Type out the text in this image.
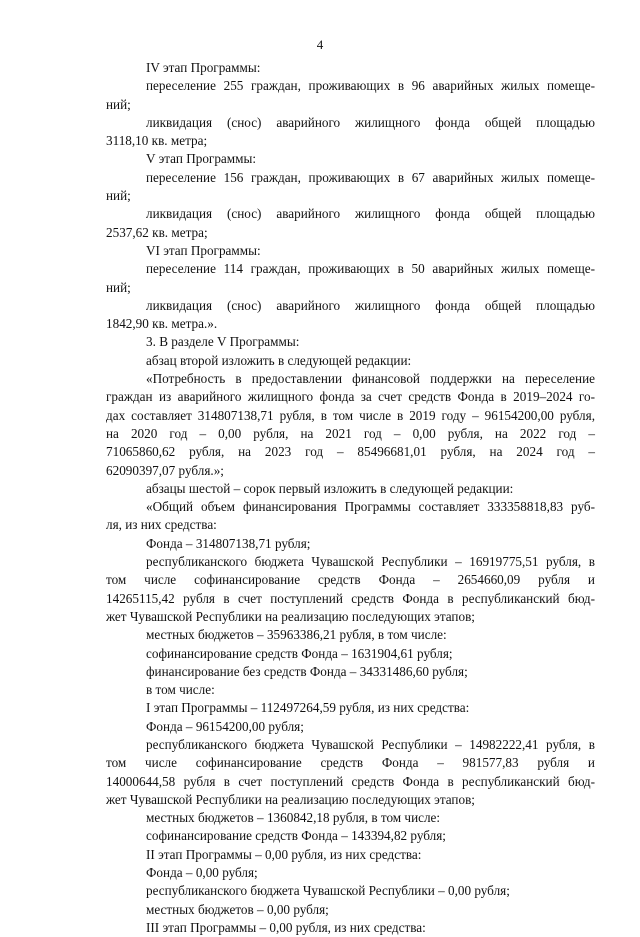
4
IV этап Программы:
переселение 255 граждан, проживающих в 96 аварийных жилых помеще-
ний;
ликвидация (снос) аварийного жилищного фонда общей площадью
3118,10 кв. метра;
V этап Программы:
переселение 156 граждан, проживающих в 67 аварийных жилых помеще-
ний;
ликвидация (снос) аварийного жилищного фонда общей площадью
2537,62 кв. метра;
VI этап Программы:
переселение 114 граждан, проживающих в 50 аварийных жилых помеще-
ний;
ликвидация (снос) аварийного жилищного фонда общей площадью
1842,90 кв. метра.».
3. В разделе V Программы:
абзац второй изложить в следующей редакции:
«Потребность в предоставлении финансовой поддержки на переселение
граждан из аварийного жилищного фонда за счет средств Фонда в 2019–2024 го-
дах составляет 314807138,71 рубля, в том числе в 2019 году – 96154200,00 рубля,
на 2020 год – 0,00 рубля, на 2021 год – 0,00 рубля, на 2022 год –
71065860,62 рубля, на 2023 год – 85496681,01 рубля, на 2024 год –
62090397,07 рубля.»;
абзацы шестой – сорок первый изложить в следующей редакции:
«Общий объем финансирования Программы составляет 333358818,83 руб-
ля, из них средства:
Фонда – 314807138,71 рубля;
республиканского бюджета Чувашской Республики – 16919775,51 рубля, в
том числе софинансирование средств Фонда – 2654660,09 рубля и
14265115,42 рубля в счет поступлений средств Фонда в республиканский бюд-
жет Чувашской Республики на реализацию последующих этапов;
местных бюджетов – 35963386,21 рубля, в том числе:
софинансирование средств Фонда – 1631904,61 рубля;
финансирование без средств Фонда – 34331486,60 рубля;
в том числе:
I этап Программы – 112497264,59 рубля, из них средства:
Фонда – 96154200,00 рубля;
республиканского бюджета Чувашской Республики – 14982222,41 рубля, в
том числе софинансирование средств Фонда – 981577,83 рубля и
14000644,58 рубля в счет поступлений средств Фонда в республиканский бюд-
жет Чувашской Республики на реализацию последующих этапов;
местных бюджетов – 1360842,18 рубля, в том числе:
софинансирование средств Фонда – 143394,82 рубля;
II этап Программы – 0,00 рубля, из них средства:
Фонда – 0,00 рубля;
республиканского бюджета Чувашской Республики – 0,00 рубля;
местных бюджетов – 0,00 рубля;
III этап Программы – 0,00 рубля, из них средства:
